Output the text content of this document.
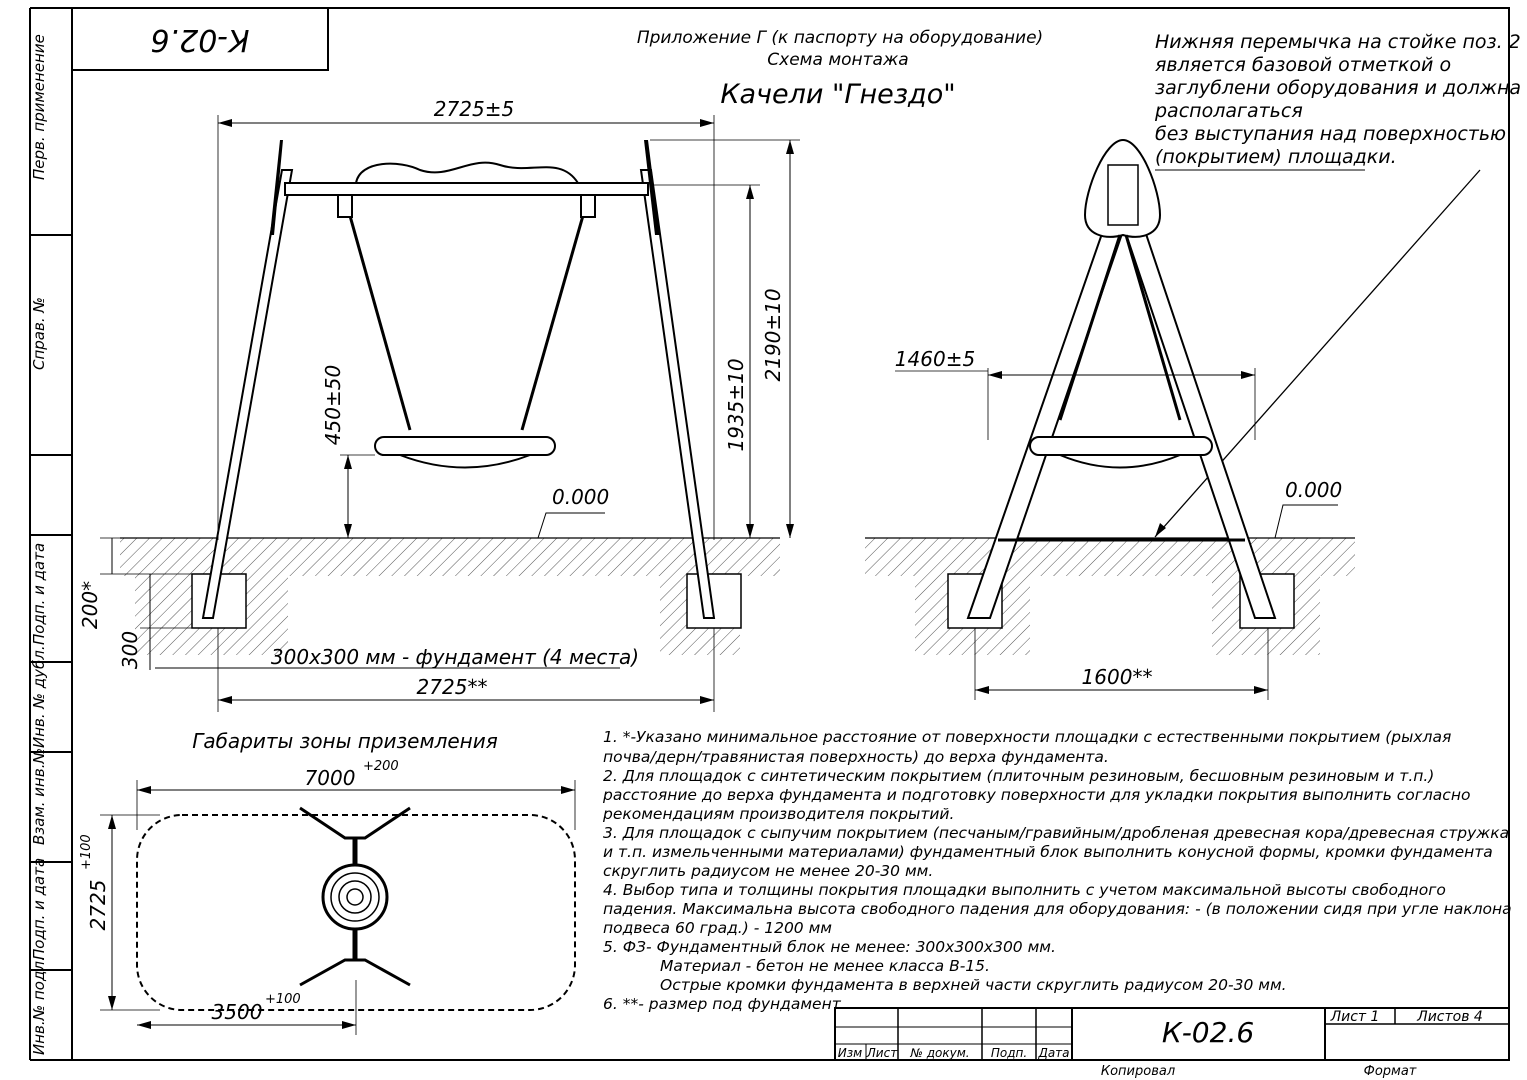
Перв. применение
Справ. №
Подп. и дата
Инв. № дубл.
Взам. инв.№
Подп. и дата
Инв.№ подл.
К-02.6	Приложение Г (к паспорту на оборудование)
Схема монтажа
Качели "Гнездо"
Нижняя перемычка на стойке поз. 2
является базовой отметкой о
заглублени оборудования и должна
располагаться
без выступания над поверхностью
(покрытием) площадки.
2725±5
1935±10
2190±10
450±50
0.000
200*
300	300x300 мм - фундамент (4 места)
2725**
1460±5
0.000
1600**
Габариты зоны приземления
7000 +200
2725
+100
3500
+100
1. *-Указано минимальное расстояние от поверхности площадки с естественными покрытием (рыхлая
почва/дерн/травянистая поверхность) до верха фундамента.
2. Для площадок с синтетическим покрытием (плиточным резиновым, бесшовным резиновым и т.п.)
расстояние до верха фундамента и подготовку поверхности для укладки покрытия выполнить согласно
рекомендациям производителя покрытий.
3. Для площадок с сыпучим покрытием (песчаным/гравийным/дробленая древесная кора/древесная стружка
и т.п. измельченными материалами) фундаментный блок выполнить конусной формы, кромки фундамента
скруглить радиусом не менее 20-30 мм.
4. Выбор типа и толщины покрытия площадки выполнить с учетом максимальной высоты свободного
падения. Максимальна высота свободного падения для оборудования: - (в положении сидя при угле наклона
подвеса 60 град.) - 1200 мм
5. ФЗ- Фундаментный блок не менее: 300x300x300 мм.
Материал - бетон не менее класса В-15.
Острые кромки фундамента в верхней части скруглить радиусом 20-30 мм.
6. **- размер под фундамент.
К-02.6	Лист 1	Листов 4
Изм Лист № докум. Подп. Дата
Копировал	Формат
